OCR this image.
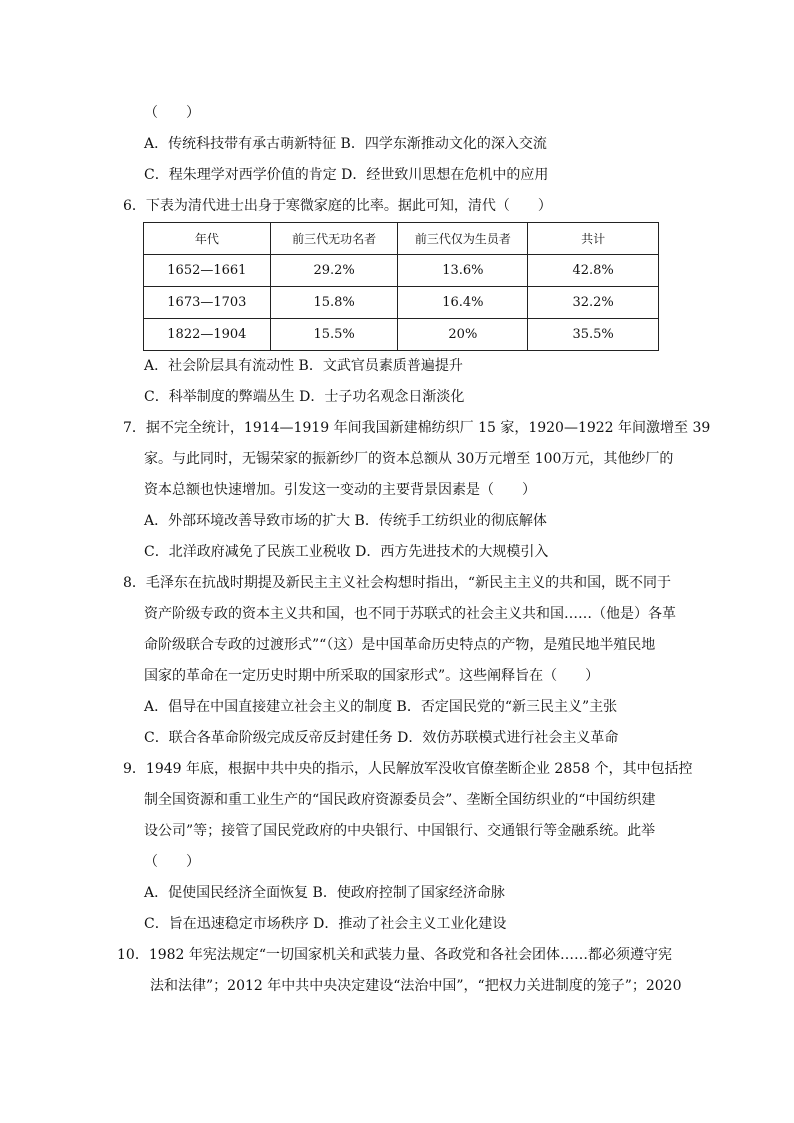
（　　）
A．传统科技带有承古萌新特征 B．四学东渐推动文化的深入交流
C．程朱理学对西学价值的肯定 D．经世致川思想在危机中的应用
6．下表为清代进士出身于寒微家庭的比率。据此可知，清代（　　）
年代	前三代无功名者	前三代仅为生员者	共计
1652—1661	29.2%	13.6%	42.8%
1673—1703	15.8%	16.4%	32.2%
1822—1904	15.5%	20%	35.5%
A．社会阶层具有流动性 B．文武官员素质普遍提升
C．科举制度的弊端丛生 D．士子功名观念日渐淡化
7．据不完全统计，1914—1919 年间我国新建棉纺织厂 15 家，1920—1922 年间激增至 39
家。与此同时，无锡荣家的振新纱厂的资本总额从 30万元增至 100万元，其他纱厂的
资本总额也快速增加。引发这一变动的主要背景因素是（　　）
A．外部环境改善导致市场的扩大 B．传统手工纺织业的彻底解体
C．北洋政府减免了民族工业税收 D．西方先进技术的大规模引入
8．毛泽东在抗战时期提及新民主主义社会构想时指出，“新民主主义的共和国，既不同于
资产阶级专政的资本主义共和国，也不同于苏联式的社会主义共和国……（他是）各革
命阶级联合专政的过渡形式”“（这）是中国革命历史特点的产物，是殖民地半殖民地
国家的革命在一定历史时期中所采取的国家形式”。这些阐释旨在（　　）
A．倡导在中国直接建立社会主义的制度 B．否定国民党的“新三民主义”主张
C．联合各革命阶级完成反帝反封建任务 D．效仿苏联模式进行社会主义革命
9．1949 年底，根据中共中央的指示，人民解放军没收官僚垄断企业 2858 个，其中包括控
制全国资源和重工业生产的“国民政府资源委员会”、垄断全国纺织业的“中国纺织建
设公司”等；接管了国民党政府的中央银行、中国银行、交通银行等金融系统。此举
（　　）
A．促使国民经济全面恢复 B．使政府控制了国家经济命脉
C．旨在迅速稳定市场秩序 D．推动了社会主义工业化建设
10．1982 年宪法规定“一切国家机关和武装力量、各政党和各社会团体……都必须遵守宪
法和法律”；2012 年中共中央决定建设“法治中国”，“把权力关进制度的笼子”；2020
